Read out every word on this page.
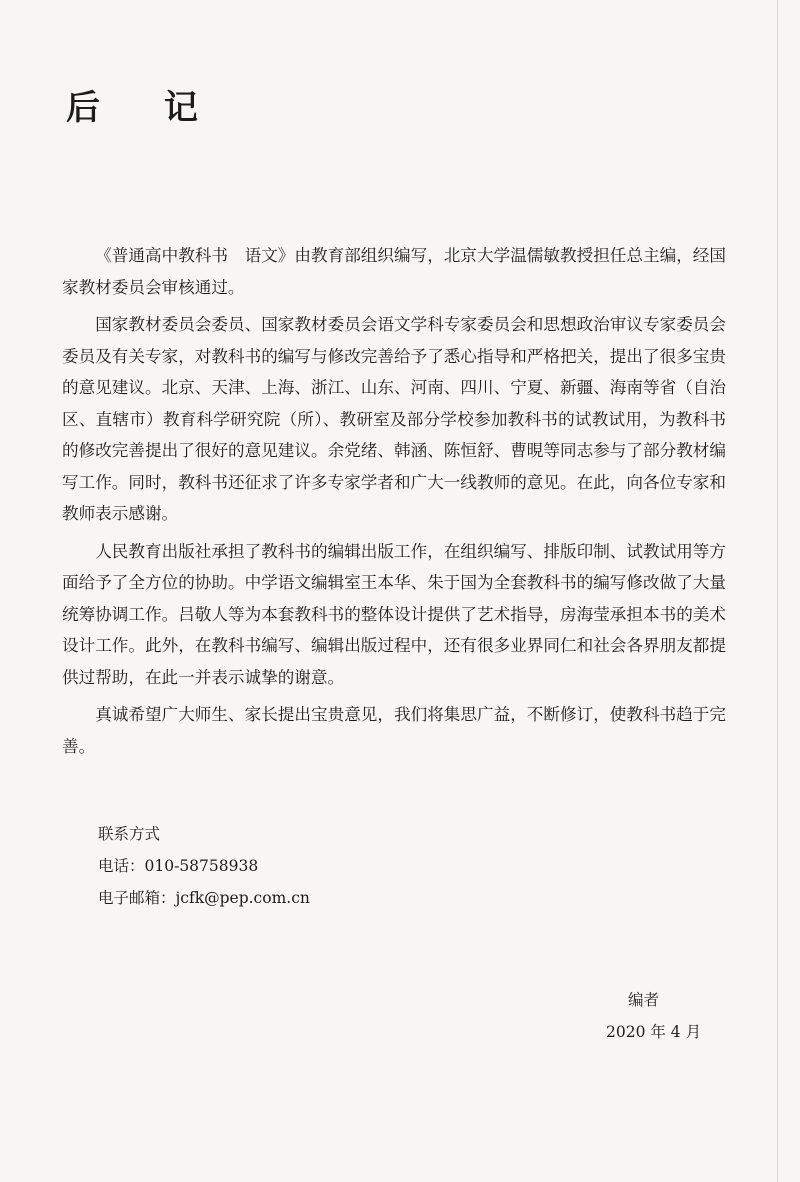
后 记

《普通高中教科书　语文》由教育部组织编写，北京大学温儒敏教授担任总主编，经国家教材委员会审核通过。

国家教材委员会委员、国家教材委员会语文学科专家委员会和思想政治审议专家委员会委员及有关专家，对教科书的编写与修改完善给予了悉心指导和严格把关，提出了很多宝贵的意见建议。北京、天津、上海、浙江、山东、河南、四川、宁夏、新疆、海南等省（自治区、直辖市）教育科学研究院（所）、教研室及部分学校参加教科书的试教试用，为教科书的修改完善提出了很好的意见建议。余党绪、韩涵、陈恒舒、曹晛等同志参与了部分教材编写工作。同时，教科书还征求了许多专家学者和广大一线教师的意见。在此，向各位专家和教师表示感谢。

人民教育出版社承担了教科书的编辑出版工作，在组织编写、排版印制、试教试用等方面给予了全方位的协助。中学语文编辑室王本华、朱于国为全套教科书的编写修改做了大量统筹协调工作。吕敬人等为本套教科书的整体设计提供了艺术指导，房海莹承担本书的美术设计工作。此外，在教科书编写、编辑出版过程中，还有很多业界同仁和社会各界朋友都提供过帮助，在此一并表示诚挚的谢意。

真诚希望广大师生、家长提出宝贵意见，我们将集思广益，不断修订，使教科书趋于完善。

联系方式
电话：010-58758938
电子邮箱：jcfk@pep.com.cn
编者
2020 年 4 月
